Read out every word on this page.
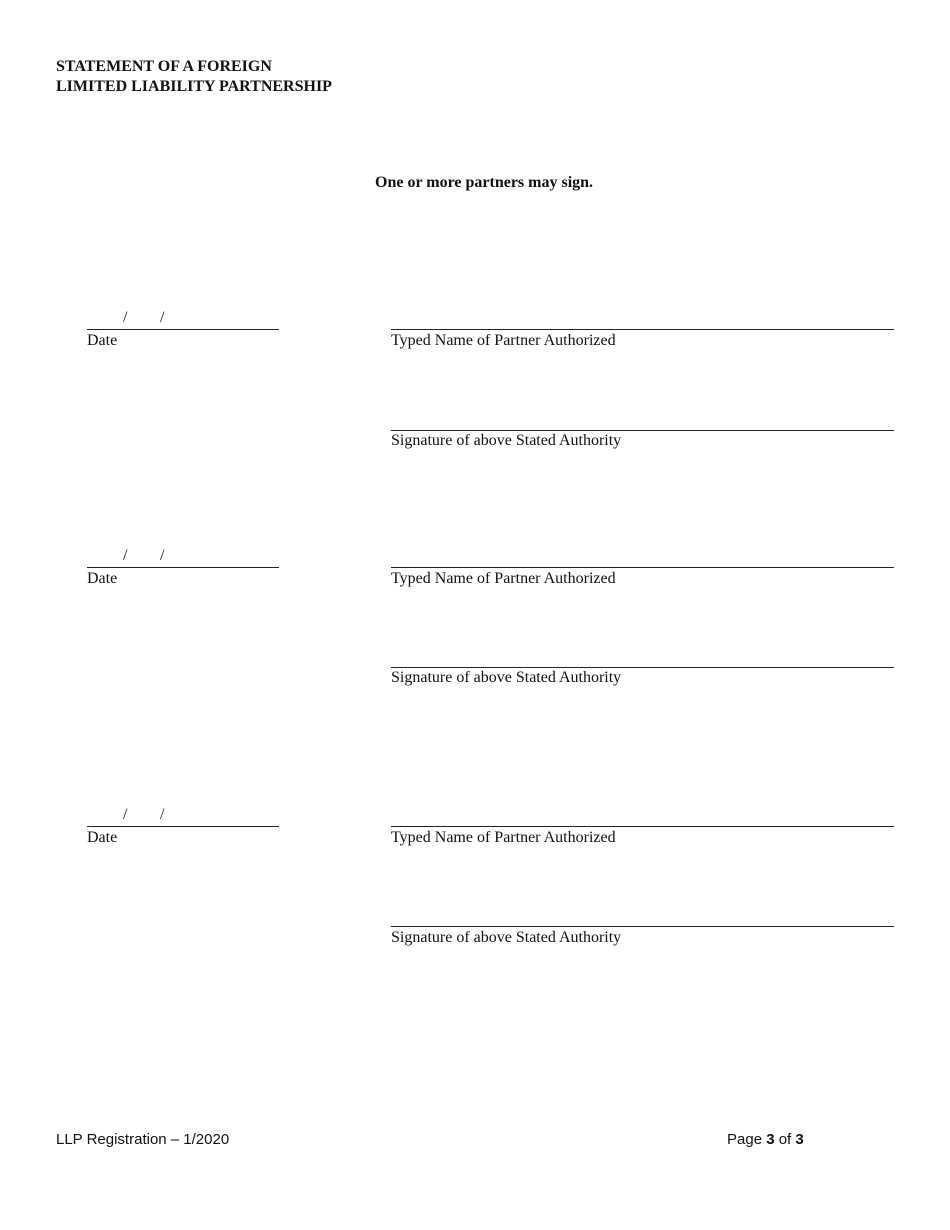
STATEMENT OF A FOREIGN
LIMITED LIABILITY PARTNERSHIP
One or more partners may sign.
/ /
Date	Typed Name of Partner Authorized
Signature of above Stated Authority
/ /
Date	Typed Name of Partner Authorized
Signature of above Stated Authority
/ /
Date	Typed Name of Partner Authorized
Signature of above Stated Authority
LLP Registration – 1/2020	Page 3 of 3
